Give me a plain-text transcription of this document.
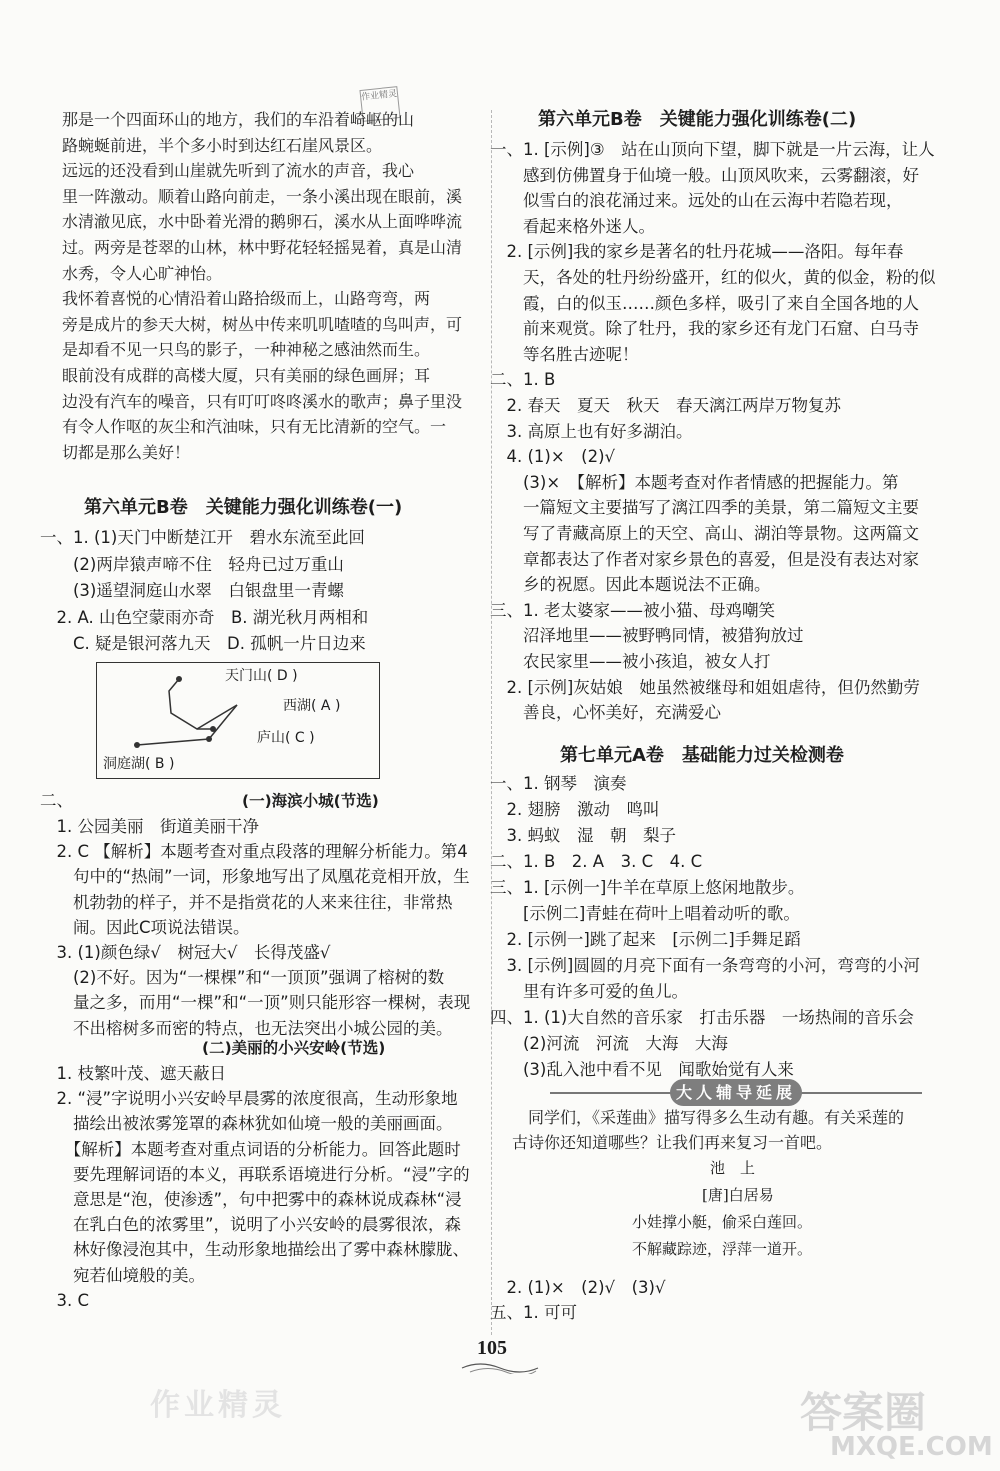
作业精灵
那是一个四面环山的地方，我们的车沿着崎岖的山
路蜿蜒前进，半个多小时到达红石崖风景区。
远远的还没看到山崖就先听到了流水的声音，我心
里一阵激动。顺着山路向前走，一条小溪出现在眼前，溪
水清澈见底，水中卧着光滑的鹅卵石，溪水从上面哗哗流
过。两旁是苍翠的山林，林中野花轻轻摇晃着，真是山清
水秀，令人心旷神怡。
我怀着喜悦的心情沿着山路拾级而上，山路弯弯，两
旁是成片的参天大树，树丛中传来叽叽喳喳的鸟叫声，可
是却看不见一只鸟的影子，一种神秘之感油然而生。
眼前没有成群的高楼大厦，只有美丽的绿色画屏；耳
边没有汽车的噪音，只有叮叮咚咚溪水的歌声；鼻子里没
有令人作呕的灰尘和汽油味，只有无比清新的空气。一
切都是那么美好！
第六单元B卷　关键能力强化训练卷(一)
一、1. (1)天门中断楚江开　碧水东流至此回
　　(2)两岸猿声啼不住　轻舟已过万重山
　　(3)遥望洞庭山水翠　白银盘里一青螺
　2. A. 山色空蒙雨亦奇　B. 湖光秋月两相和
　　C. 疑是银河落九天　D. 孤帆一片日边来
二、	(一)海滨小城(节选)
　1. 公园美丽　街道美丽干净
　2. C 【解析】本题考查对重点段落的理解分析能力。第4
　　句中的“热闹”一词，形象地写出了凤凰花竞相开放，生
　　机勃勃的样子，并不是指赏花的人来来往往，非常热
　　闹。因此C项说法错误。
　3. (1)颜色绿√　树冠大√　长得茂盛√
　　(2)不好。因为“一棵棵”和“一顶顶”强调了榕树的数
　　量之多，而用“一棵”和“一顶”则只能形容一棵树，表现
　　不出榕树多而密的特点，也无法突出小城公园的美。
(二)美丽的小兴安岭(节选)
　1. 枝繁叶茂、遮天蔽日
　2. “浸”字说明小兴安岭早晨雾的浓度很高，生动形象地
　　描绘出被浓雾笼罩的森林犹如仙境一般的美丽画面。
　　【解析】本题考查对重点词语的分析能力。回答此题时
　　要先理解词语的本义，再联系语境进行分析。“浸”字的
　　意思是“泡，使渗透”，句中把雾中的森林说成森林“浸
　　在乳白色的浓雾里”，说明了小兴安岭的晨雾很浓，森
　　林好像浸泡其中，生动形象地描绘出了雾中森林朦胧、
　　宛若仙境般的美。
　3. C
天门山( D )
西湖( A )
庐山( C )
洞庭湖( B )
第六单元B卷　关键能力强化训练卷(二)
一、1. [示例]③　站在山顶向下望，脚下就是一片云海，让人
　　感到仿佛置身于仙境一般。山顶风吹来，云雾翻滚，好
　　似雪白的浪花涌过来。远处的山在云海中若隐若现，
　　看起来格外迷人。
　2. [示例]我的家乡是著名的牡丹花城——洛阳。每年春
　　天，各处的牡丹纷纷盛开，红的似火，黄的似金，粉的似
　　霞，白的似玉……颜色多样，吸引了来自全国各地的人
　　前来观赏。除了牡丹，我的家乡还有龙门石窟、白马寺
　　等名胜古迹呢！
二、1. B
　2. 春天　夏天　秋天　春天漓江两岸万物复苏
　3. 高原上也有好多湖泊。
　4. (1)×　(2)√
　　(3)×　【解析】本题考查对作者情感的把握能力。第
　　一篇短文主要描写了漓江四季的美景，第二篇短文主要
　　写了青藏高原上的天空、高山、湖泊等景物。这两篇文
　　章都表达了作者对家乡景色的喜爱，但是没有表达对家
　　乡的祝愿。因此本题说法不正确。
三、1. 老太婆家——被小猫、母鸡嘲笑
　　沼泽地里——被野鸭同情，被猎狗放过
　　农民家里——被小孩追，被女人打
　2. [示例]灰姑娘　她虽然被继母和姐姐虐待，但仍然勤劳
　　善良，心怀美好，充满爱心
第七单元A卷　基础能力过关检测卷
一、1. 钢琴　演奏
　2. 翅膀　激动　鸣叫
　3. 蚂蚁　湿　朝　梨子
二、1. B　2. A　3. C　4. C
三、1. [示例一]牛羊在草原上悠闲地散步。
　　[示例二]青蛙在荷叶上唱着动听的歌。
　2. [示例一]跳了起来　[示例二]手舞足蹈
　3. [示例]圆圆的月亮下面有一条弯弯的小河，弯弯的小河
　　里有许多可爱的鱼儿。
四、1. (1)大自然的音乐家　打击乐器　一场热闹的音乐会
　　(2)河流　河流　大海　大海
　　(3)乱入池中看不见　闻歌始觉有人来
　同学们，《采莲曲》描写得多么生动有趣。有关采莲的
古诗你还知道哪些？让我们再来复习一首吧。
池　上
[唐]白居易
小娃撑小艇，偷采白莲回。
不解藏踪迹，浮萍一道开。
　2. (1)×　(2)√　(3)√
五、1. 可可
大人辅导延展
105
作业精灵	答案圈
MXQE.COM
